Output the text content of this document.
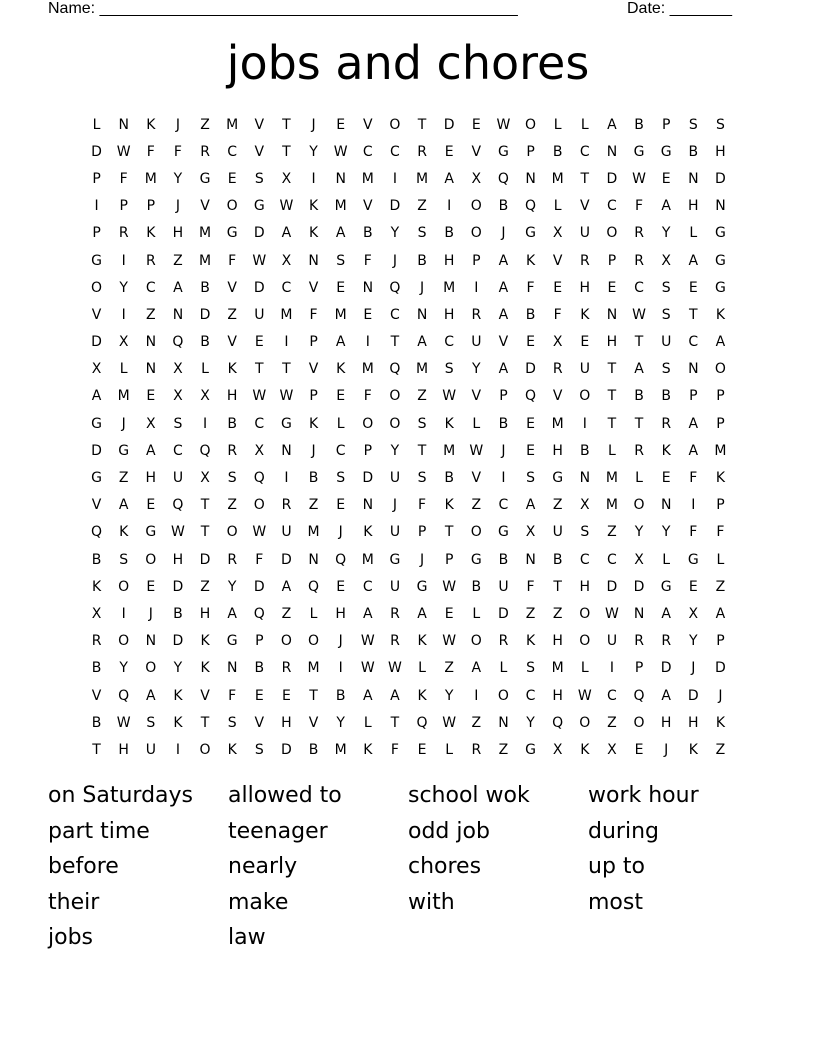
Name: _______________________________________________	Date: _______
jobs and chores
L	N	K	J	Z	M	V	T	J	E	V	O	T	D	E	W	O	L	L	A	B	P	S	S
D	W	F	F	R	C	V	T	Y	W	C	C	R	E	V	G	P	B	C	N	G	G	B	H
P	F	M	Y	G	E	S	X	I	N	M	I	M	A	X	Q	N	M	T	D	W	E	N	D
I	P	P	J	V	O	G	W	K	M	V	D	Z	I	O	B	Q	L	V	C	F	A	H	N
P	R	K	H	M	G	D	A	K	A	B	Y	S	B	O	J	G	X	U	O	R	Y	L	G
G	I	R	Z	M	F	W	X	N	S	F	J	B	H	P	A	K	V	R	P	R	X	A	G
O	Y	C	A	B	V	D	C	V	E	N	Q	J	M	I	A	F	E	H	E	C	S	E	G
V	I	Z	N	D	Z	U	M	F	M	E	C	N	H	R	A	B	F	K	N	W	S	T	K
D	X	N	Q	B	V	E	I	P	A	I	T	A	C	U	V	E	X	E	H	T	U	C	A
X	L	N	X	L	K	T	T	V	K	M	Q	M	S	Y	A	D	R	U	T	A	S	N	O
A	M	E	X	X	H	W W	P	E	F	O	Z	W	V	P	Q	V	O	T	B	B	P	P
G	J	X	S	I	B	C	G	K	L	O	O	S	K	L	B	E	M	I	T	T	R	A	P
D	G	A	C	Q	R	X	N	J	C	P	Y	T	M	W	J	E	H	B	L	R	K	A	M
G	Z	H	U	X	S	Q	I	B	S	D	U	S	B	V	I	S	G	N	M	L	E	F	K
V	A	E	Q	T	Z	O	R	Z	E	N	J	F	K	Z	C	A	Z	X	M	O	N	I	P
Q	K	G	W	T	O	W	U	M	J	K	U	P	T	O	G	X	U	S	Z	Y	Y	F	F
B	S	O	H	D	R	F	D	N	Q	M	G	J	P	G	B	N	B	C	C	X	L	G	L
K	O	E	D	Z	Y	D	A	Q	E	C	U	G	W	B	U	F	T	H	D	D	G	E	Z
X	I	J	B	H	A	Q	Z	L	H	A	R	A	E	L	D	Z	Z	O	W	N	A	X	A
R	O	N	D	K	G	P	O	O	J	W	R	K	W	O	R	K	H	O	U	R	R	Y	P
B	Y	O	Y	K	N	B	R	M	I	W W	L	Z	A	L	S	M	L	I	P	D	J	D
V	Q	A	K	V	F	E	E	T	B	A	A	K	Y	I	O	C	H	W	C	Q	A	D	J
B	W	S	K	T	S	V	H	V	Y	L	T	Q	W	Z	N	Y	Q	O	Z	O	H	H	K
T	H	U	I	O	K	S	D	B	M	K	F	E	L	R	Z	G	X	K	X	E	J	K	Z
on Saturdays	allowed to	school wok	work hour
part time	teenager	odd job	during
before	nearly	chores	up to
their	make	with	most
jobs	law
